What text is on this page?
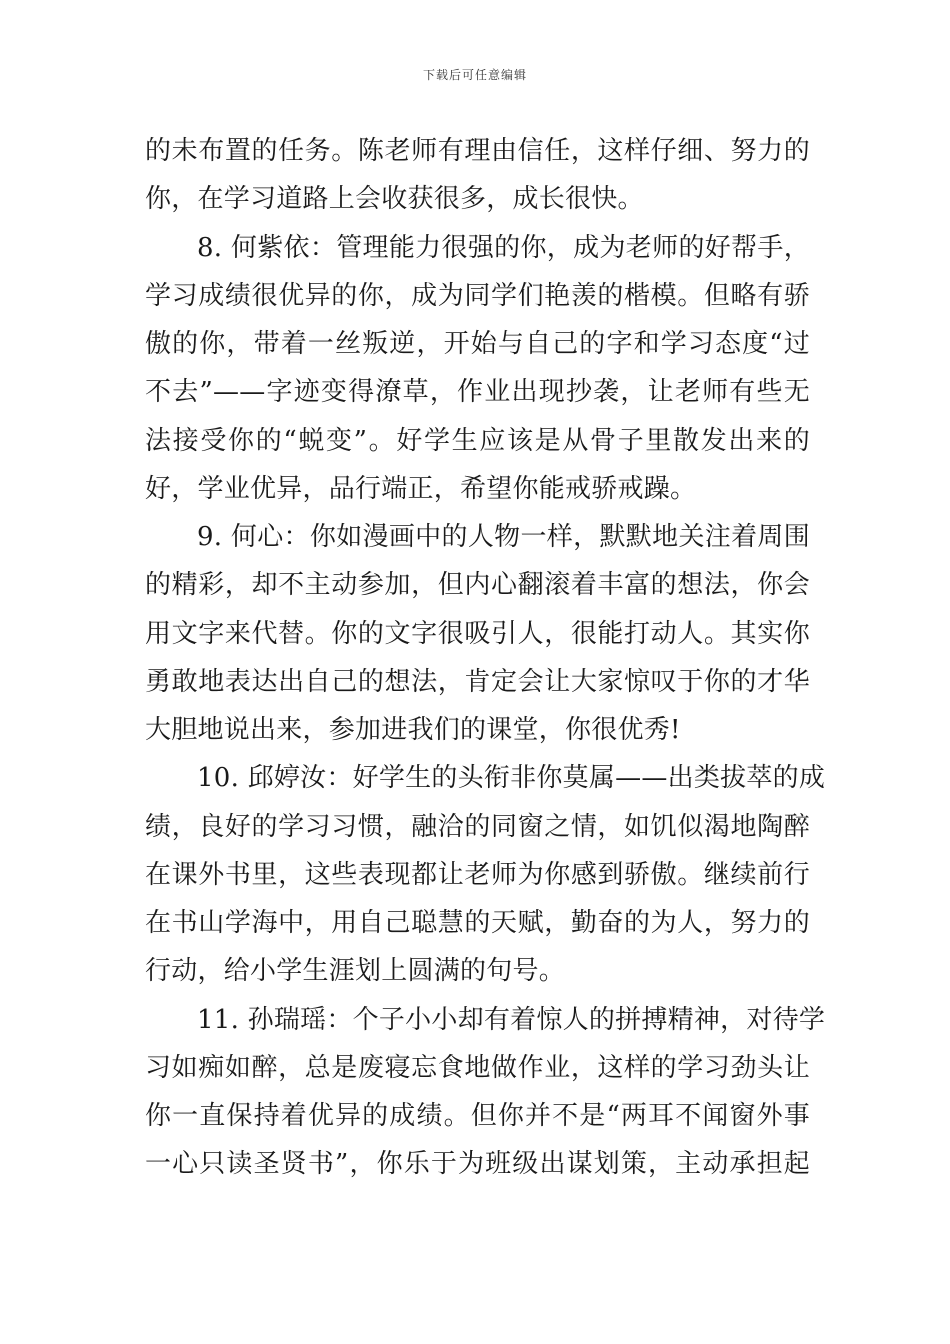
下载后可任意编辑
的未布置的任务。陈老师有理由信任，这样仔细、努力的
你，在学习道路上会收获很多，成长很快。
8. 何紫依：管理能力很强的你，成为老师的好帮手，
学习成绩很优异的你，成为同学们艳羡的楷模。但略有骄
傲的你，带着一丝叛逆，开始与自己的字和学习态度“过
不去”——字迹变得潦草，作业出现抄袭，让老师有些无
法接受你的“蜕变”。好学生应该是从骨子里散发出来的
好，学业优异，品行端正，希望你能戒骄戒躁。
9. 何心：你如漫画中的人物一样，默默地关注着周围
的精彩，却不主动参加，但内心翻滚着丰富的想法，你会
用文字来代替。你的文字很吸引人，很能打动人。其实你
勇敢地表达出自己的想法，肯定会让大家惊叹于你的才华
大胆地说出来，参加进我们的课堂，你很优秀!
10. 邱婷汝：好学生的头衔非你莫属——出类拔萃的成
绩，良好的学习习惯，融洽的同窗之情，如饥似渴地陶醉
在课外书里，这些表现都让老师为你感到骄傲。继续前行
在书山学海中，用自己聪慧的天赋，勤奋的为人，努力的
行动，给小学生涯划上圆满的句号。
11. 孙瑞瑶：个子小小却有着惊人的拼搏精神，对待学
习如痴如醉，总是废寝忘食地做作业，这样的学习劲头让
你一直保持着优异的成绩。但你并不是“两耳不闻窗外事
一心只读圣贤书”，你乐于为班级出谋划策，主动承担起
